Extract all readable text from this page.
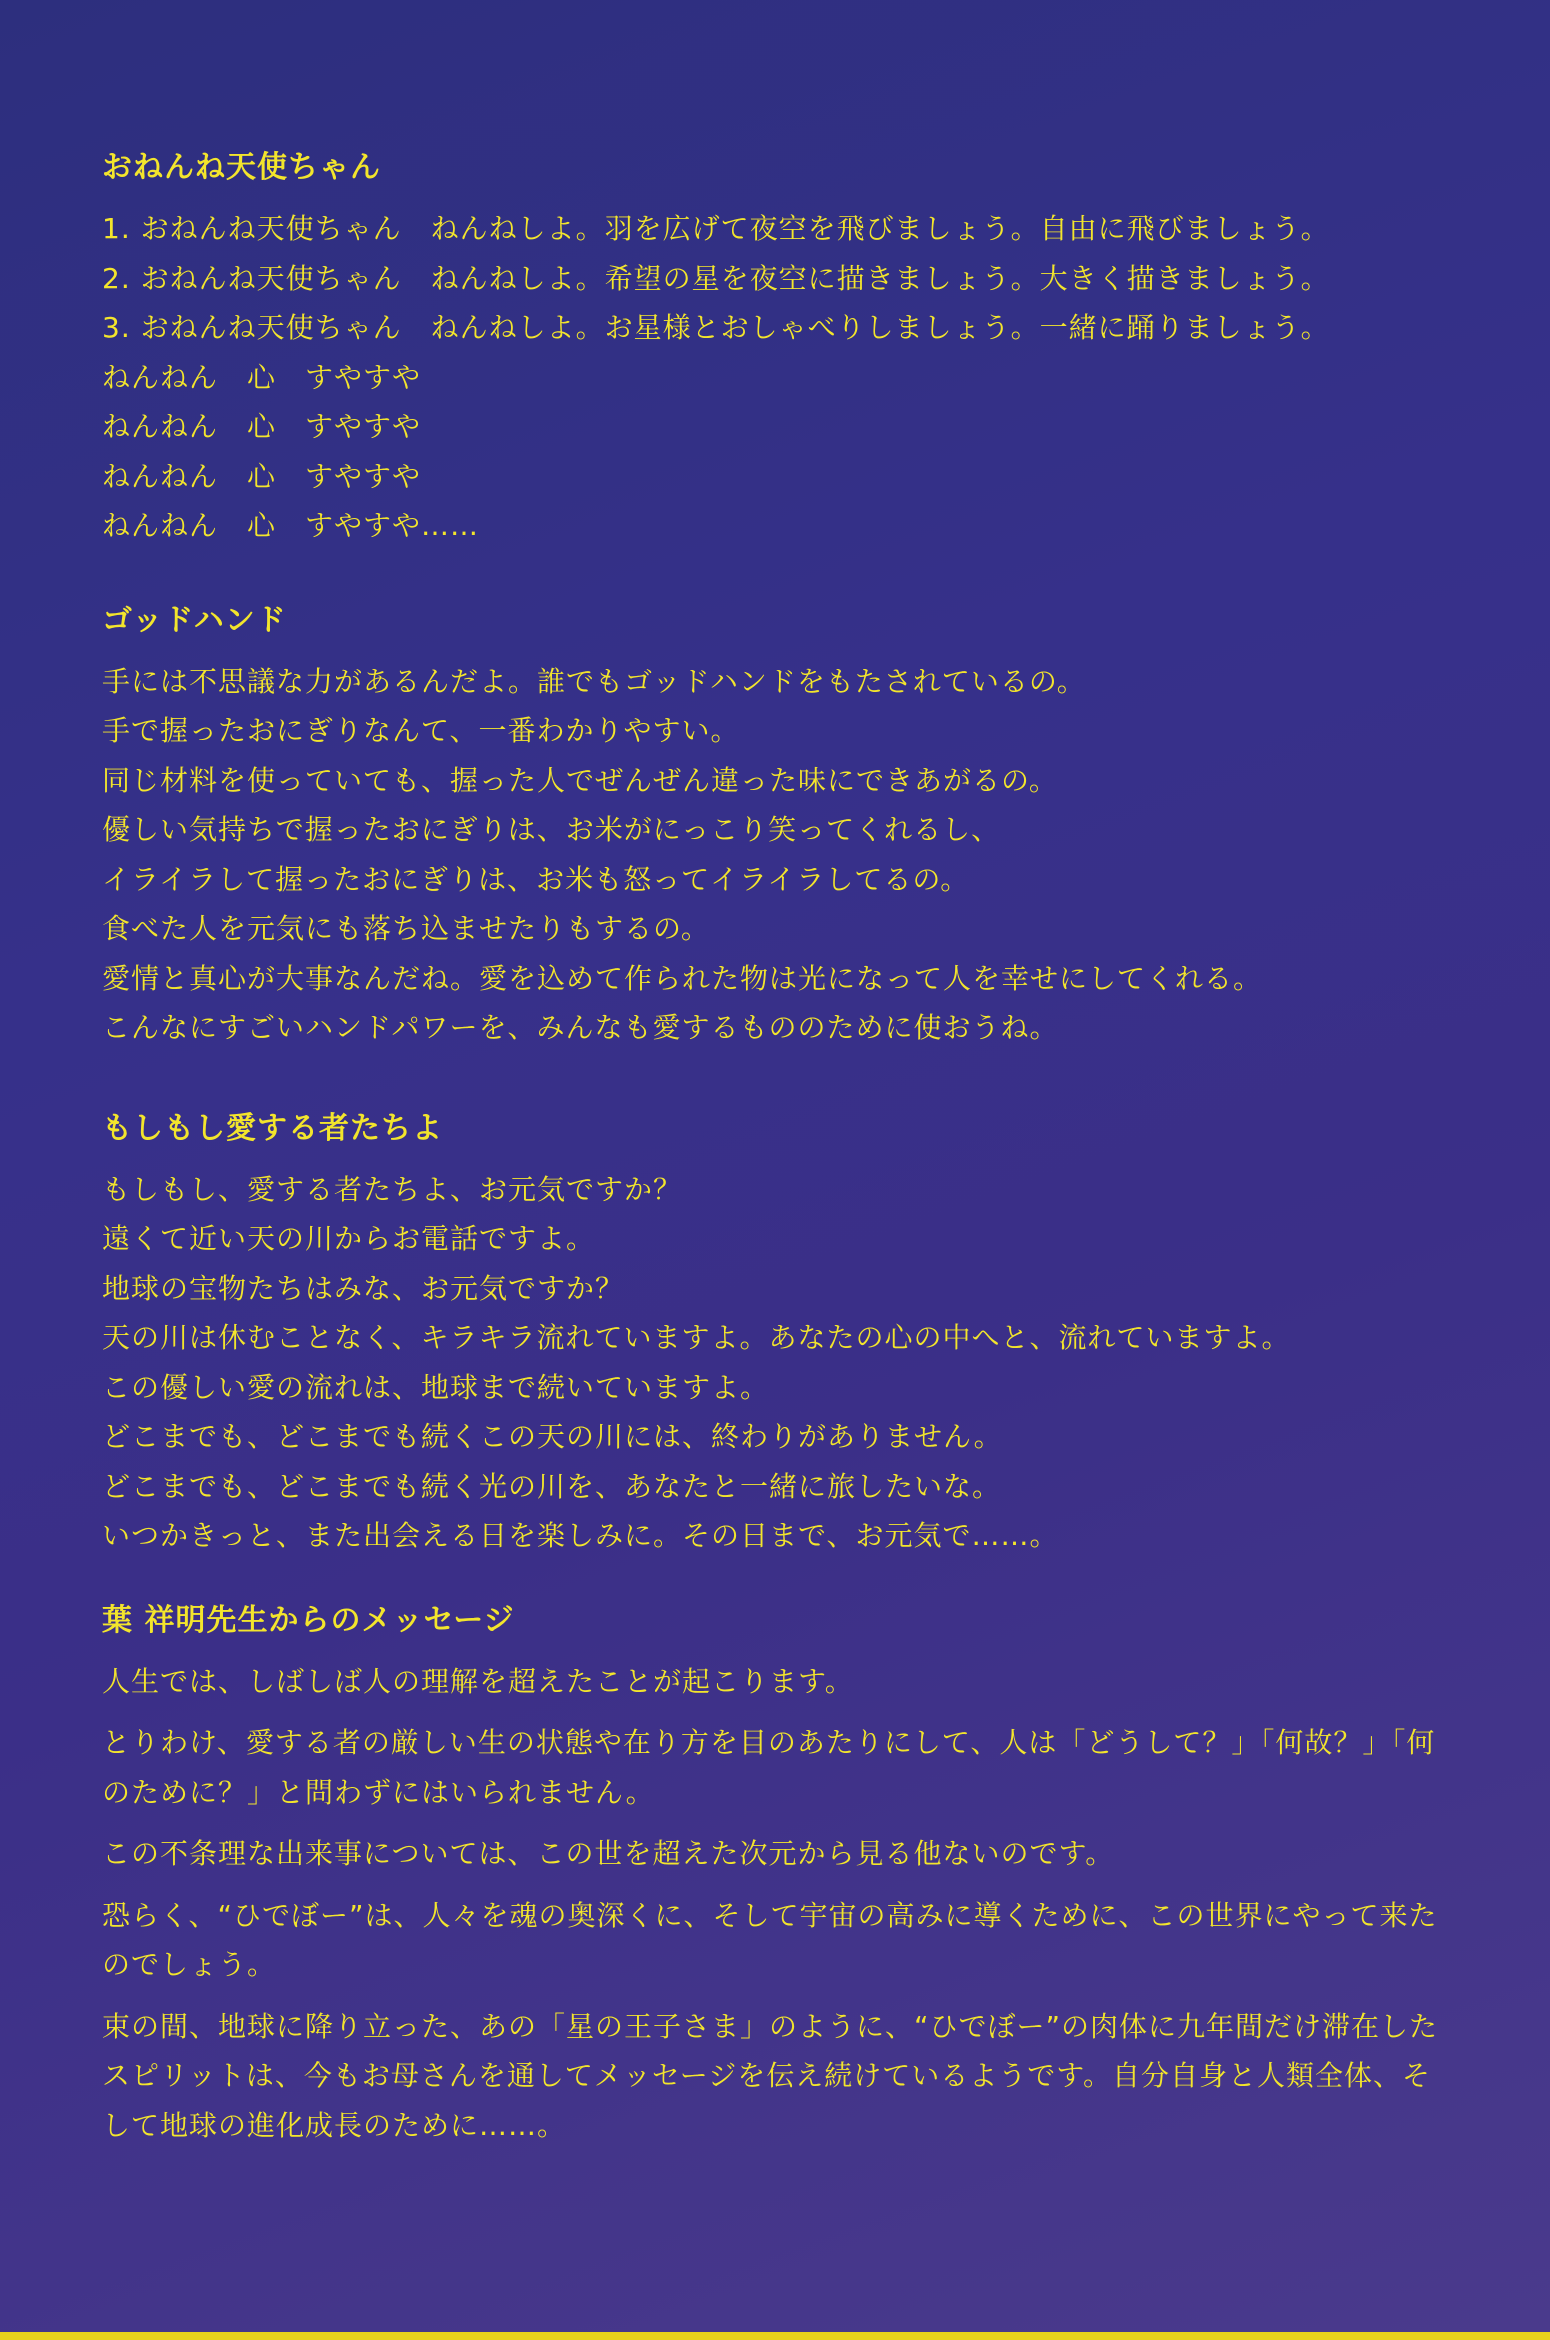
おねんね天使ちゃん
1. おねんね天使ちゃん　ねんねしよ。羽を広げて夜空を飛びましょう。自由に飛びましょう。
2. おねんね天使ちゃん　ねんねしよ。希望の星を夜空に描きましょう。大きく描きましょう。
3. おねんね天使ちゃん　ねんねしよ。お星様とおしゃべりしましょう。一緒に踊りましょう。
ねんねん　心　すやすや
ねんねん　心　すやすや
ねんねん　心　すやすや
ねんねん　心　すやすや……
ゴッドハンド
手には不思議な力があるんだよ。誰でもゴッドハンドをもたされているの。
手で握ったおにぎりなんて、一番わかりやすい。
同じ材料を使っていても、握った人でぜんぜん違った味にできあがるの。
優しい気持ちで握ったおにぎりは、お米がにっこり笑ってくれるし、
イライラして握ったおにぎりは、お米も怒ってイライラしてるの。
食べた人を元気にも落ち込ませたりもするの。
愛情と真心が大事なんだね。愛を込めて作られた物は光になって人を幸せにしてくれる。
こんなにすごいハンドパワーを、みんなも愛するもののために使おうね。
もしもし愛する者たちよ
もしもし、愛する者たちよ、お元気ですか？
遠くて近い天の川からお電話ですよ。
地球の宝物たちはみな、お元気ですか？
天の川は休むことなく、キラキラ流れていますよ。あなたの心の中へと、流れていますよ。
この優しい愛の流れは、地球まで続いていますよ。
どこまでも、どこまでも続くこの天の川には、終わりがありません。
どこまでも、どこまでも続く光の川を、あなたと一緒に旅したいな。
いつかきっと、また出会える日を楽しみに。その日まで、お元気で……。
葉 祥明先生からのメッセージ
人生では、しばしば人の理解を超えたことが起こります。
とりわけ、愛する者の厳しい生の状態や在り方を目のあたりにして、人は「どうして？」「何故？」「何のために？」と問わずにはいられません。
この不条理な出来事については、この世を超えた次元から見る他ないのです。
恐らく、“ひでぼー”は、人々を魂の奥深くに、そして宇宙の高みに導くために、この世界にやって来たのでしょう。
束の間、地球に降り立った、あの「星の王子さま」のように、“ひでぼー”の肉体に九年間だけ滞在したスピリットは、今もお母さんを通してメッセージを伝え続けているようです。自分自身と人類全体、そして地球の進化成長のために……。
